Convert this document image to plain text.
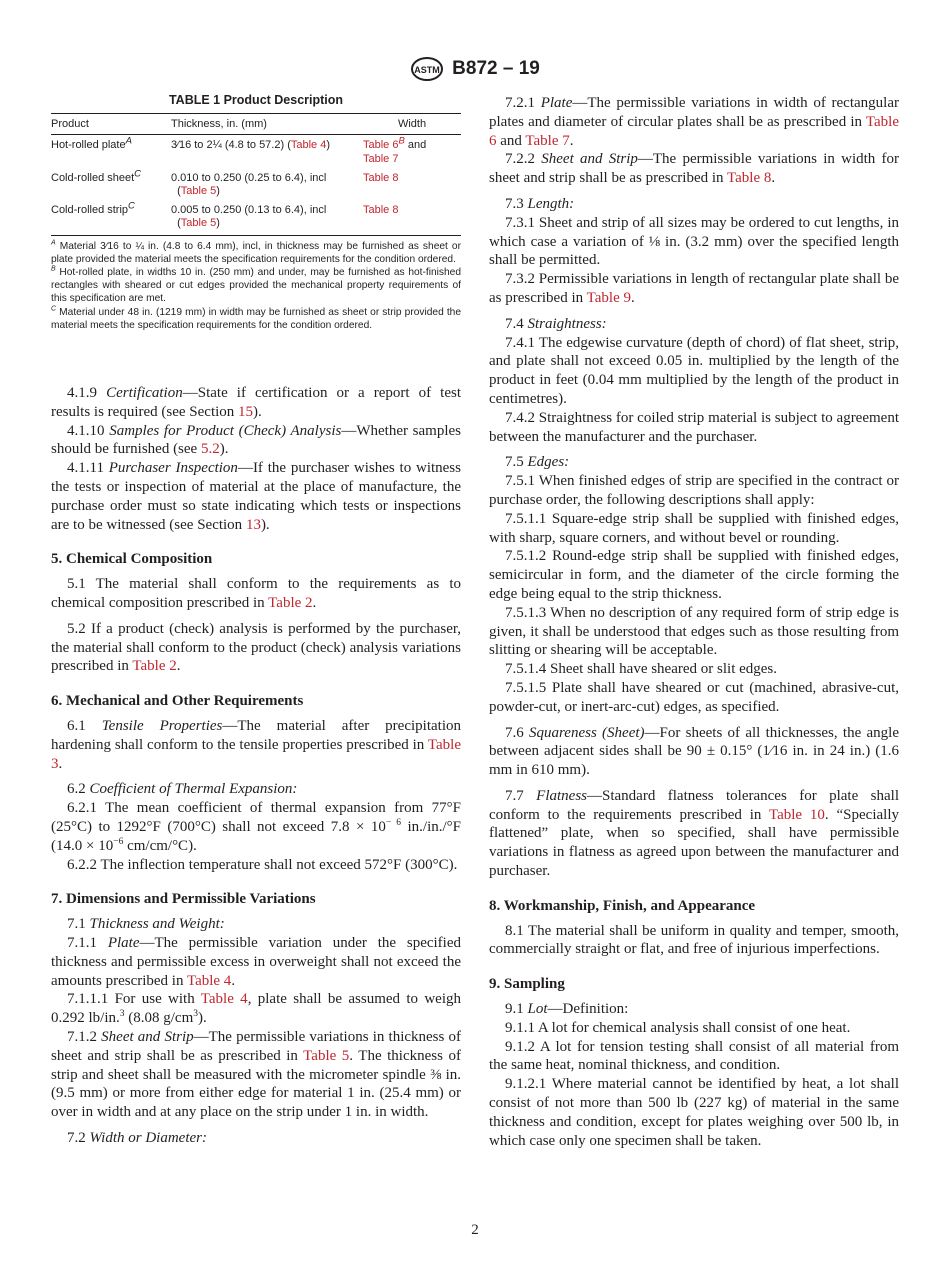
ASTM B872 – 19
TABLE 1 Product Description
Product	Thickness, in. (mm)	Width
Hot-rolled plate$^A$	3⁄16 to 2¼ (4.8 to 57.2) (Table 4)	Table $6^B$ and
Table 7
Cold-rolled sheet$^C$	0.010 to 0.250 (0.25 to 6.4), incl
(Table 5)	Table 8
Cold-rolled strip$^C$	0.005 to 0.250 (0.13 to 6.4), incl
(Table 5)	Table 8
$^A$ Material 3⁄16 to ¼ in. (4.8 to 6.4 mm), incl, in thickness may be furnished as sheet or plate provided the material meets the specification requirements for the condition ordered.
$^B$ Hot-rolled plate, in widths 10 in. (250 mm) and under, may be furnished as hot-finished rectangles with sheared or cut edges provided the mechanical property requirements of this specification are met.
$^C$ Material under 48 in. (1219 mm) in width may be furnished as sheet or strip provided the material meets the specification requirements for the condition ordered.

4.1.9 Certification—State if certification or a report of test results is required (see Section 15).

4.1.10 Samples for Product (Check) Analysis—Whether samples should be furnished (see 5.2).

4.1.11 Purchaser Inspection—If the purchaser wishes to witness the tests or inspection of material at the place of manufacture, the purchase order must so state indicating which tests or inspections are to be witnessed (see Section 13).

5. Chemical Composition

5.1 The material shall conform to the requirements as to chemical composition prescribed in Table 2.

5.2 If a product (check) analysis is performed by the purchaser, the material shall conform to the product (check) analysis variations prescribed in Table 2.

6. Mechanical and Other Requirements

6.1 Tensile Properties—The material after precipitation hardening shall conform to the tensile properties prescribed in Table 3.

6.2 Coefficient of Thermal Expansion:

6.2.1 The mean coefficient of thermal expansion from 77°F (25°C) to 1292°F (700°C) shall not exceed $7.8 \times 10^{- 6}$ in./in./°F ($14.0 \times 10^{-6}$ cm/cm/°C).

6.2.2 The inflection temperature shall not exceed 572°F (300°C).

7. Dimensions and Permissible Variations

7.1 Thickness and Weight:

7.1.1 Plate—The permissible variation under the specified thickness and permissible excess in overweight shall not exceed the amounts prescribed in Table 4.

7.1.1.1 For use with Table 4, plate shall be assumed to weigh 0.292 lb/in.$^3$ (8.08 $g/cm^3$).

7.1.2 Sheet and Strip—The permissible variations in thickness of sheet and strip shall be as prescribed in Table 5. The thickness of strip and sheet shall be measured with the micrometer spindle ⅜ in. (9.5 mm) or more from either edge for material 1 in. (25.4 mm) or over in width and at any place on the strip under 1 in. in width.

7.2 Width or Diameter:

7.2.1 Plate—The permissible variations in width of rectangular plates and diameter of circular plates shall be as prescribed in Table 6 and Table 7.

7.2.2 Sheet and Strip—The permissible variations in width for sheet and strip shall be as prescribed in Table 8.

7.3 Length:

7.3.1 Sheet and strip of all sizes may be ordered to cut lengths, in which case a variation of ⅛ in. (3.2 mm) over the specified length shall be permitted.

7.3.2 Permissible variations in length of rectangular plate shall be as prescribed in Table 9.

7.4 Straightness:

7.4.1 The edgewise curvature (depth of chord) of flat sheet, strip, and plate shall not exceed 0.05 in. multiplied by the length of the product in feet (0.04 mm multiplied by the length of the product in centimetres).

7.4.2 Straightness for coiled strip material is subject to agreement between the manufacturer and the purchaser.

7.5 Edges:

7.5.1 When finished edges of strip are specified in the contract or purchase order, the following descriptions shall apply:

7.5.1.1 Square-edge strip shall be supplied with finished edges, with sharp, square corners, and without bevel or rounding.

7.5.1.2 Round-edge strip shall be supplied with finished edges, semicircular in form, and the diameter of the circle forming the edge being equal to the strip thickness.

7.5.1.3 When no description of any required form of strip edge is given, it shall be understood that edges such as those resulting from slitting or shearing will be acceptable.

7.5.1.4 Sheet shall have sheared or slit edges.

7.5.1.5 Plate shall have sheared or cut (machined, abrasive-cut, powder-cut, or inert-arc-cut) edges, as specified.

7.6 Squareness (Sheet)—For sheets of all thicknesses, the angle between adjacent sides shall be 90 ± 0.15° (1⁄16 in. in 24 in.) (1.6 mm in 610 mm).

7.7 Flatness—Standard flatness tolerances for plate shall conform to the requirements prescribed in Table 10. “Specially flattened” plate, when so specified, shall have permissible variations in flatness as agreed upon between the manufacturer and purchaser.

8. Workmanship, Finish, and Appearance

8.1 The material shall be uniform in quality and temper, smooth, commercially straight or flat, and free of injurious imperfections.

9. Sampling

9.1 Lot—Definition:

9.1.1 A lot for chemical analysis shall consist of one heat.

9.1.2 A lot for tension testing shall consist of all material from the same heat, nominal thickness, and condition.

9.1.2.1 Where material cannot be identified by heat, a lot shall consist of not more than 500 lb (227 kg) of material in the same thickness and condition, except for plates weighing over 500 lb, in which case only one specimen shall be taken.

2
